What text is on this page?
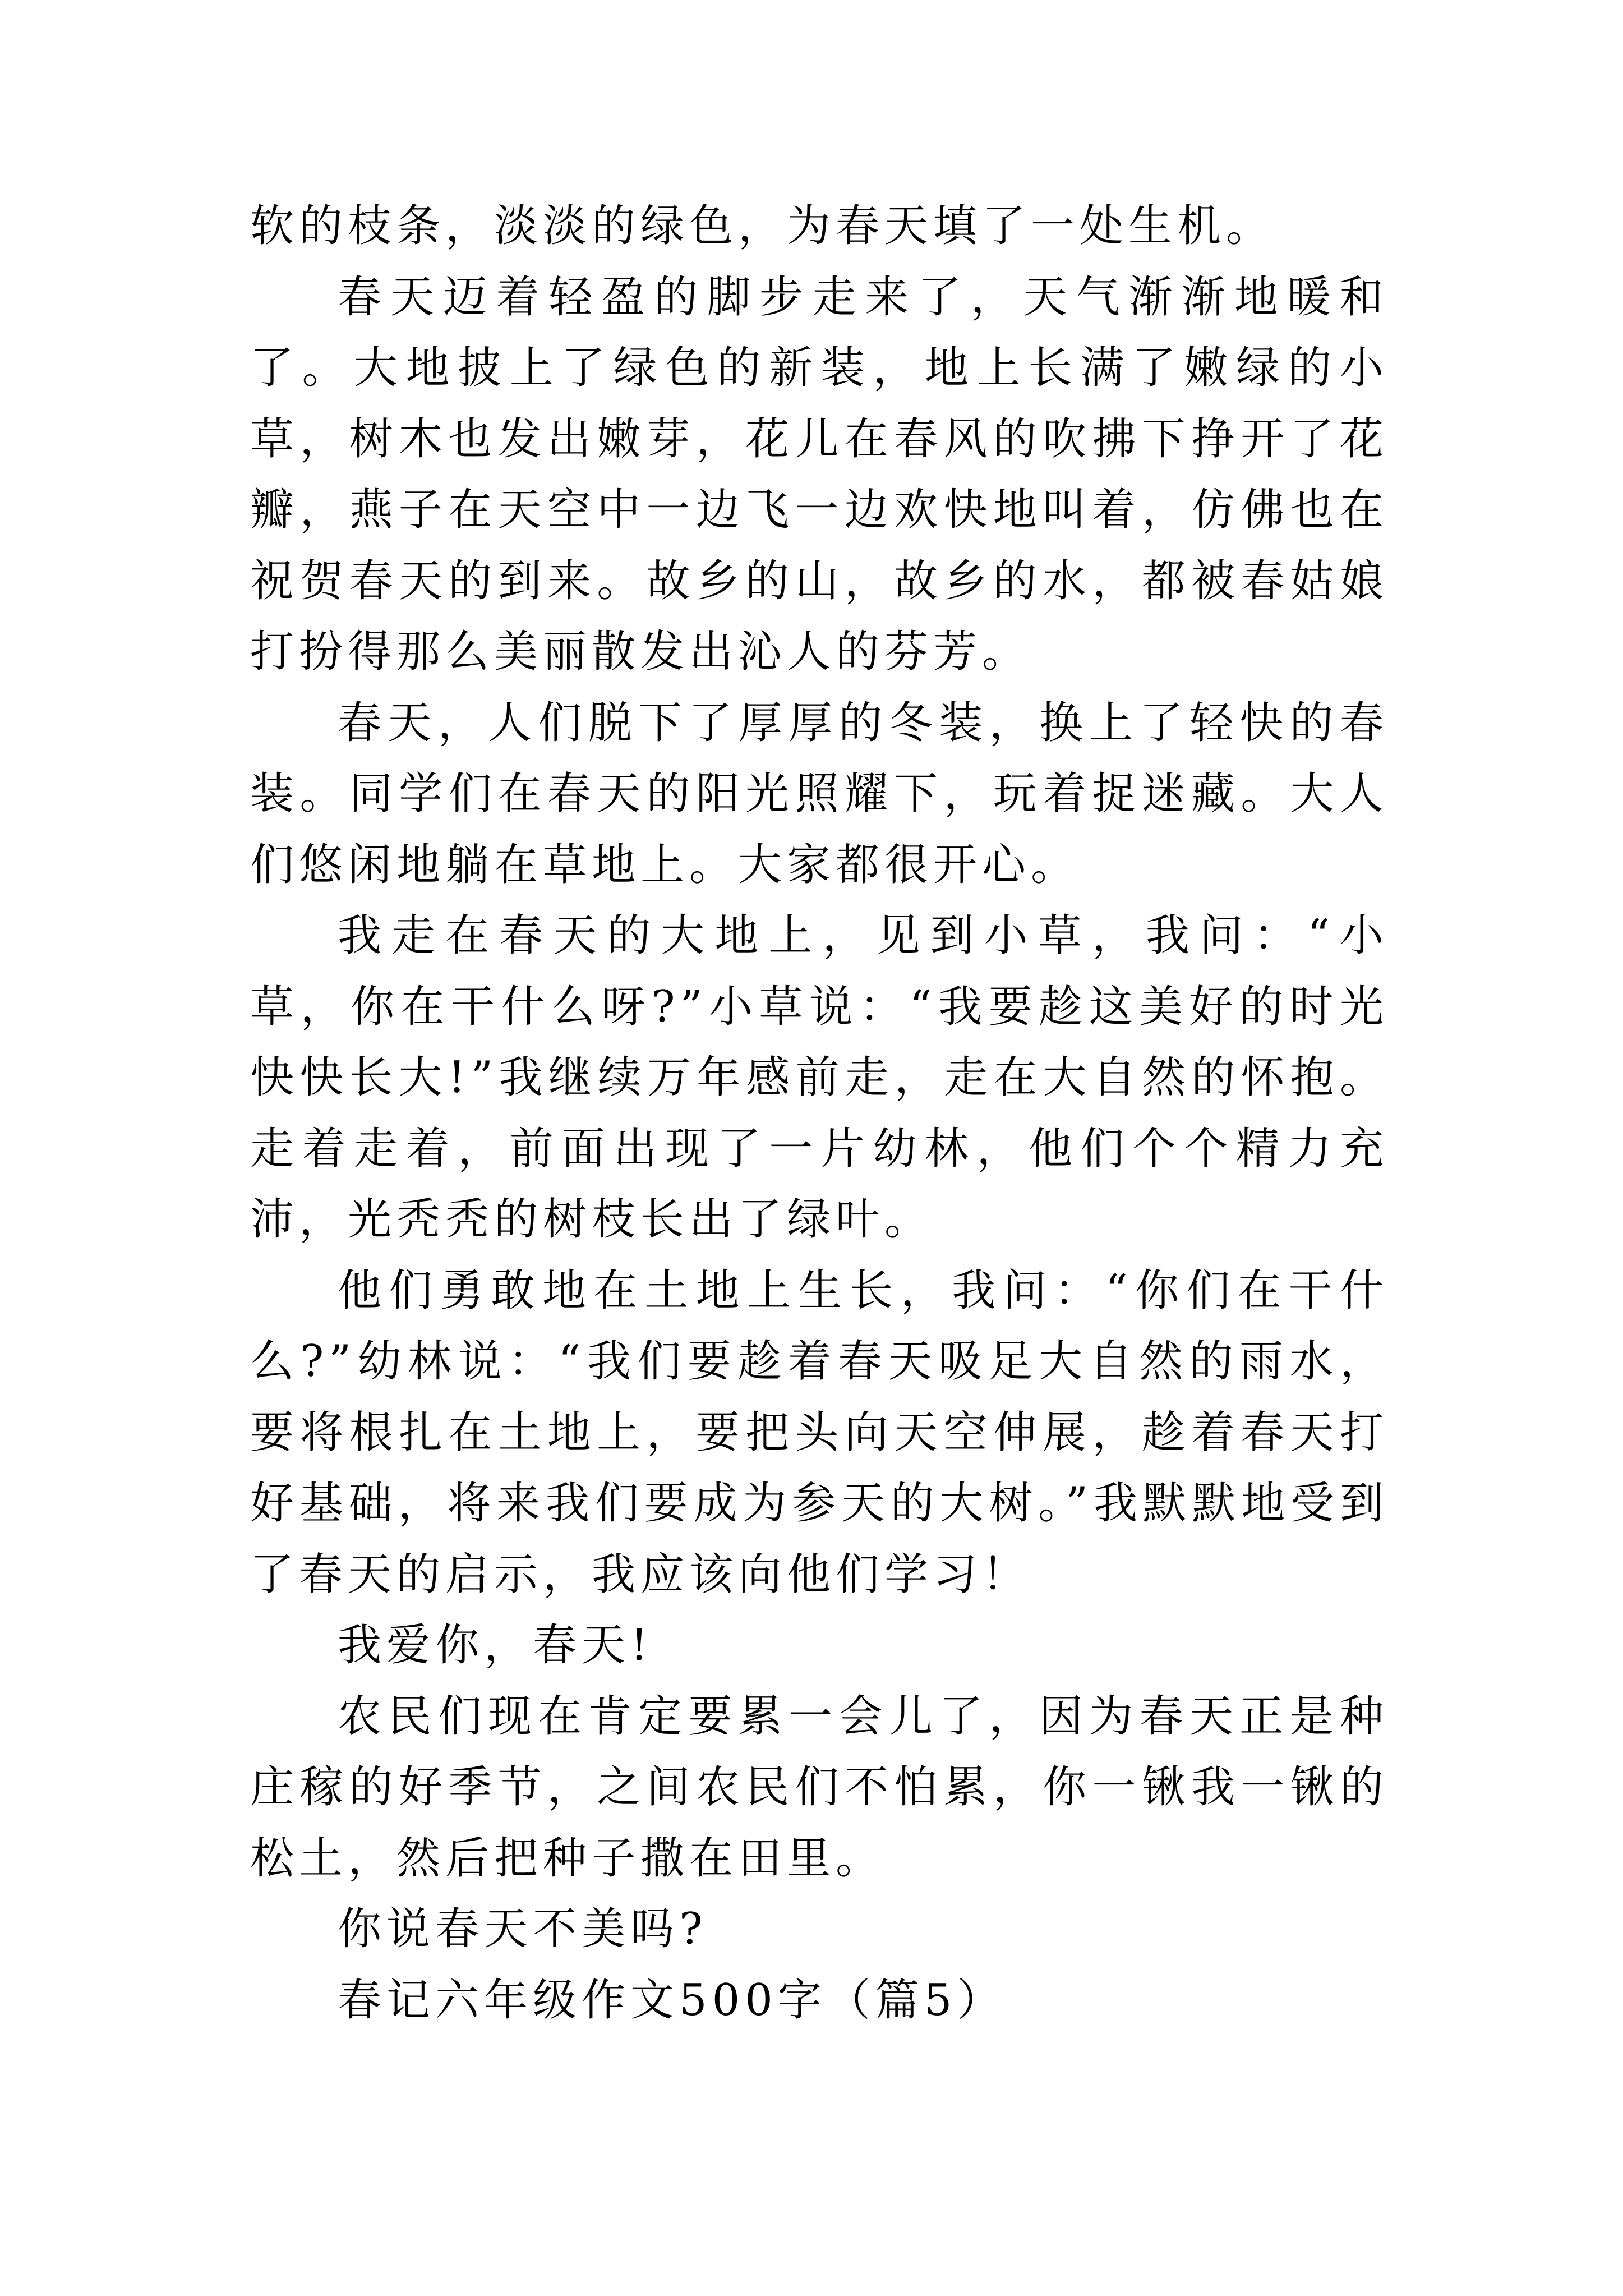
软的枝条，淡淡的绿色，为春天填了一处生机。

春天迈着轻盈的脚步走来了，天气渐渐地暖和了。大地披上了绿色的新装，地上长满了嫩绿的小草，树木也发出嫩芽，花儿在春风的吹拂下挣开了花瓣，燕子在天空中一边飞一边欢快地叫着，仿佛也在祝贺春天的到来。故乡的山，故乡的水，都被春姑娘打扮得那么美丽散发出沁人的芬芳。

春天，人们脱下了厚厚的冬装，换上了轻快的春装。同学们在春天的阳光照耀下，玩着捉迷藏。大人们悠闲地躺在草地上。大家都很开心。

我走在春天的大地上，见到小草，我问：“小草，你在干什么呀?”小草说：“我要趁这美好的时光快快长大!”我继续万年感前走，走在大自然的怀抱。走着走着，前面出现了一片幼林，他们个个精力充沛，光秃秃的树枝长出了绿叶。

他们勇敢地在土地上生长，我问：“你们在干什么?”幼林说：“我们要趁着春天吸足大自然的雨水，要将根扎在土地上，要把头向天空伸展，趁着春天打好基础，将来我们要成为参天的大树。”我默默地受到了春天的启示，我应该向他们学习！

我爱你，春天!

农民们现在肯定要累一会儿了，因为春天正是种庄稼的好季节，之间农民们不怕累，你一锹我一锹的松土，然后把种子撒在田里。

你说春天不美吗?

春记六年级作文500字（篇5）
